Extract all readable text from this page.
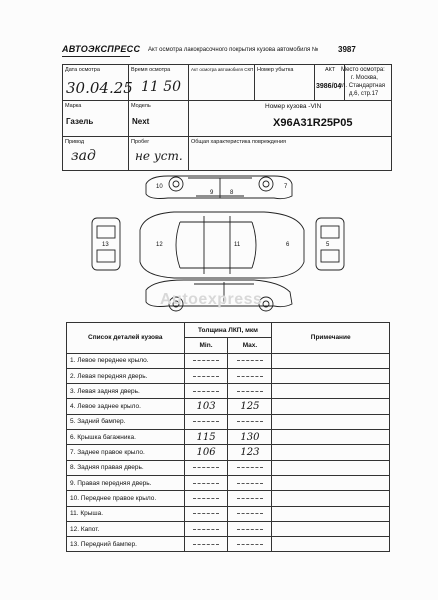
АВТОЭКСПРЕСС Акт осмотра лакокрасочного покрытия кузова автомобиля № 3987
Дата осмотра
30.04.25
Время осмотра
11 50
Акт осмотра автомобиля СКП Номер убытка	АКТ
3986/04
Место осмотра:
г. Москва,
ул. Стандартная
д.6, стр.17
Марка
Газель
Модель
Next
Номер кузова -VIN
X96A31R25P05
Привод
зад
Пробег
не уст.
Общая характеристика повреждения
9	8
13	12	11	6	5
10	7
Autoexpress
Список деталей кузова	Толщина ЛКП, мкм		Примечание
	Min.	Max.	
1. Левое переднее крыло.	

2. Левая передняя дверь.	

3. Левая задняя дверь.	

4. Левое заднее крыло.	103	125	
5. Задний бампер.	

6. Крышка багажника.	115	130	
7. Заднее правое крыло.	106	123	
8. Задняя правая дверь.	

9. Правая передняя дверь.	

10. Переднее правое крыло.	

11. Крыша.	

12. Капот.	

13. Передний бампер.	
